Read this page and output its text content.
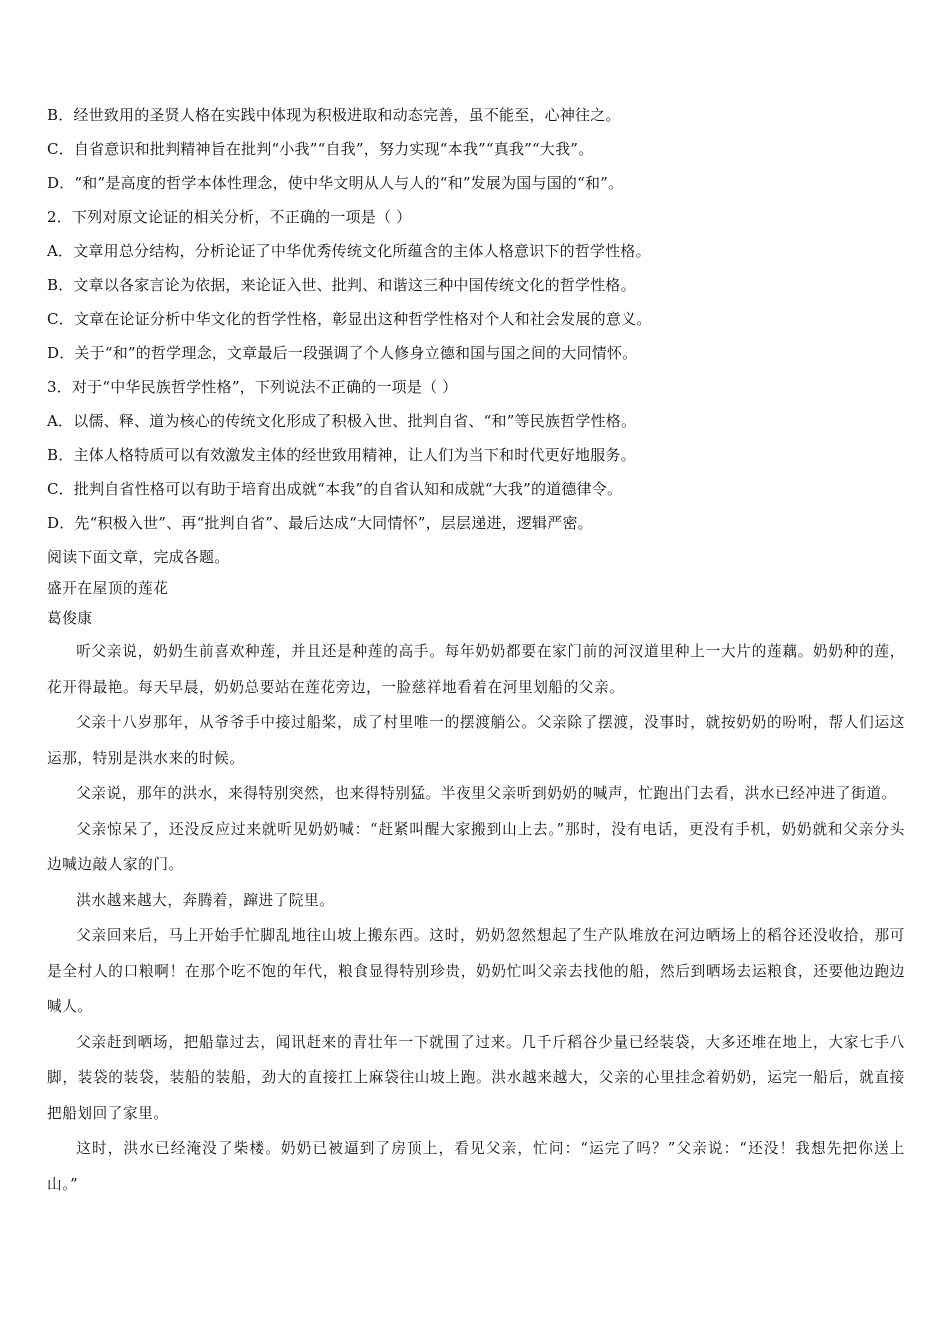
B．经世致用的圣贤人格在实践中体现为积极进取和动态完善，虽不能至，心神往之。
C．自省意识和批判精神旨在批判“小我”“自我”，努力实现“本我”“真我”“大我”。
D．“和”是高度的哲学本体性理念，使中华文明从人与人的“和”发展为国与国的“和”。
2．下列对原文论证的相关分析，不正确的一项是（ ）
A．文章用总分结构，分析论证了中华优秀传统文化所蕴含的主体人格意识下的哲学性格。
B．文章以各家言论为依据，来论证入世、批判、和谐这三种中国传统文化的哲学性格。
C．文章在论证分析中华文化的哲学性格，彰显出这种哲学性格对个人和社会发展的意义。
D．关于“和”的哲学理念，文章最后一段强调了个人修身立德和国与国之间的大同情怀。
3．对于“中华民族哲学性格”，下列说法不正确的一项是（ ）
A．以儒、释、道为核心的传统文化形成了积极入世、批判自省、“和”等民族哲学性格。
B．主体人格特质可以有效激发主体的经世致用精神，让人们为当下和时代更好地服务。
C．批判自省性格可以有助于培育出成就“本我”的自省认知和成就“大我”的道德律令。
D．先“积极入世”、再“批判自省”、最后达成“大同情怀”，层层递进，逻辑严密。
阅读下面文章，完成各题。
盛开在屋顶的莲花
葛俊康
听父亲说，奶奶生前喜欢种莲，并且还是种莲的高手。每年奶奶都要在家门前的河汊道里种上一大片的莲藕。奶奶种的莲，花开得最艳。每天早晨，奶奶总要站在莲花旁边，一脸慈祥地看着在河里划船的父亲。
父亲十八岁那年，从爷爷手中接过船桨，成了村里唯一的摆渡艄公。父亲除了摆渡，没事时，就按奶奶的吩咐，帮人们运这运那，特别是洪水来的时候。
父亲说，那年的洪水，来得特别突然，也来得特别猛。半夜里父亲听到奶奶的喊声，忙跑出门去看，洪水已经冲进了街道。
父亲惊呆了，还没反应过来就听见奶奶喊：“赶紧叫醒大家搬到山上去。”那时，没有电话，更没有手机，奶奶就和父亲分头边喊边敲人家的门。
洪水越来越大，奔腾着，蹿进了院里。
父亲回来后，马上开始手忙脚乱地往山坡上搬东西。这时，奶奶忽然想起了生产队堆放在河边晒场上的稻谷还没收拾，那可是全村人的口粮啊！在那个吃不饱的年代，粮食显得特别珍贵，奶奶忙叫父亲去找他的船，然后到晒场去运粮食，还要他边跑边喊人。
父亲赶到晒场，把船靠过去，闻讯赶来的青壮年一下就围了过来。几千斤稻谷少量已经装袋，大多还堆在地上，大家七手八脚，装袋的装袋，装船的装船，劲大的直接扛上麻袋往山坡上跑。洪水越来越大，父亲的心里挂念着奶奶，运完一船后，就直接把船划回了家里。
这时，洪水已经淹没了柴楼。奶奶已被逼到了房顶上，看见父亲，忙问：“运完了吗？”父亲说：“还没！我想先把你送上山。”
